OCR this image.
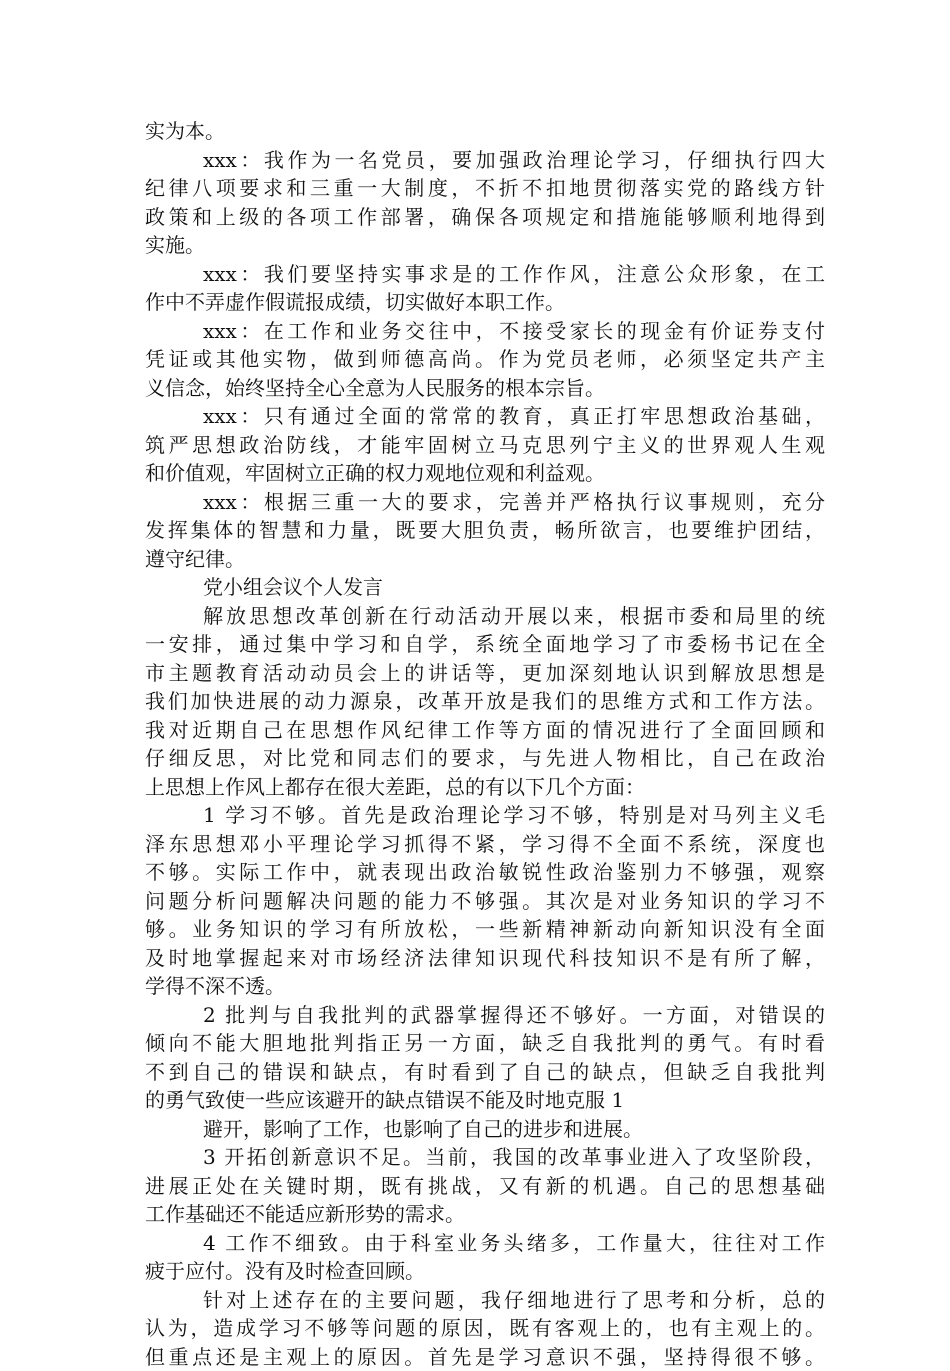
实为本。
xxx：我作为一名党员，要加强政治理论学习，仔细执行四大
纪律八项要求和三重一大制度，不折不扣地贯彻落实党的路线方针
政策和上级的各项工作部署，确保各项规定和措施能够顺利地得到
实施。
xxx：我们要坚持实事求是的工作作风，注意公众形象，在工
作中不弄虚作假谎报成绩，切实做好本职工作。
xxx：在工作和业务交往中，不接受家长的现金有价证券支付
凭证或其他实物，做到师德高尚。作为党员老师，必须坚定共产主
义信念，始终坚持全心全意为人民服务的根本宗旨。
xxx：只有通过全面的常常的教育，真正打牢思想政治基础，
筑严思想政治防线，才能牢固树立马克思列宁主义的世界观人生观
和价值观，牢固树立正确的权力观地位观和利益观。
xxx：根据三重一大的要求，完善并严格执行议事规则，充分
发挥集体的智慧和力量，既要大胆负责，畅所欲言，也要维护团结，
遵守纪律。
党小组会议个人发言
解放思想改革创新在行动活动开展以来，根据市委和局里的统
一安排，通过集中学习和自学，系统全面地学习了市委杨书记在全
市主题教育活动动员会上的讲话等，更加深刻地认识到解放思想是
我们加快进展的动力源泉，改革开放是我们的思维方式和工作方法。
我对近期自己在思想作风纪律工作等方面的情况进行了全面回顾和
仔细反思，对比党和同志们的要求，与先进人物相比，自己在政治
上思想上作风上都存在很大差距，总的有以下几个方面：
1 学习不够。首先是政治理论学习不够，特别是对马列主义毛
泽东思想邓小平理论学习抓得不紧，学习得不全面不系统，深度也
不够。实际工作中，就表现出政治敏锐性政治鉴别力不够强，观察
问题分析问题解决问题的能力不够强。其次是对业务知识的学习不
够。业务知识的学习有所放松，一些新精神新动向新知识没有全面
及时地掌握起来对市场经济法律知识现代科技知识不是有所了解，
学得不深不透。
2 批判与自我批判的武器掌握得还不够好。一方面，对错误的
倾向不能大胆地批判指正另一方面，缺乏自我批判的勇气。有时看
不到自己的错误和缺点，有时看到了自己的缺点，但缺乏自我批判
的勇气致使一些应该避开的缺点错误不能及时地克服 1
避开，影响了工作，也影响了自己的进步和进展。
3 开拓创新意识不足。当前，我国的改革事业进入了攻坚阶段，
进展正处在关键时期，既有挑战，又有新的机遇。自己的思想基础
工作基础还不能适应新形势的需求。
4 工作不细致。由于科室业务头绪多，工作量大，往往对工作
疲于应付。没有及时检查回顾。
针对上述存在的主要问题，我仔细地进行了思考和分析，总的
认为，造成学习不够等问题的原因，既有客观上的，也有主观上的。
但重点还是主观上的原因。首先是学习意识不强，坚持得很不够。
